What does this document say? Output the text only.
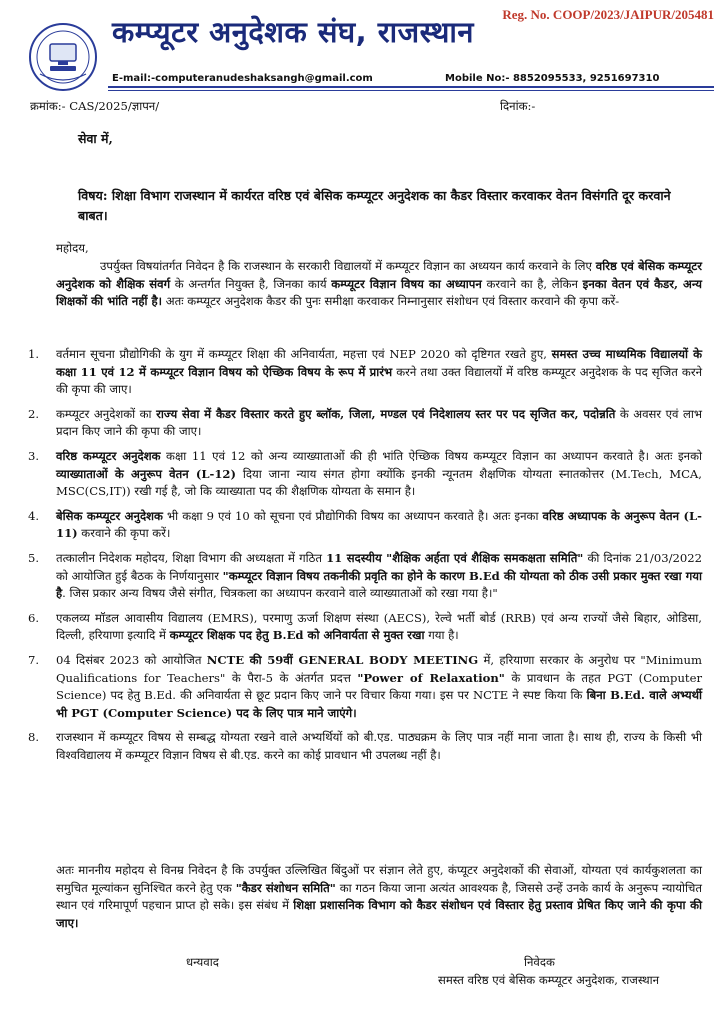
Reg. No. COOP/2023/JAIPUR/205481
कम्प्यूटर अनुदेशक संघ, राजस्थान
E-mail:-computeranudeshaksangh@gmail.com	Mobile No:- 8852095533, 9251697310
क्रमांक:- CAS/2025/ज्ञापन/	दिनांक:-
सेवा में,
विषय: शिक्षा विभाग राजस्थान में कार्यरत वरिष्ठ एवं बेसिक कम्प्यूटर अनुदेशक का कैडर विस्तार करवाकर वेतन विसंगति दूर करवाने बाबत।
महोदय,
उपर्युक्त विषयांतर्गत निवेदन है कि राजस्थान के सरकारी विद्यालयों में कम्प्यूटर विज्ञान का अध्ययन कार्य करवाने के लिए वरिष्ठ एवं बेसिक कम्प्यूटर अनुदेशक को शैक्षिक संवर्ग के अन्तर्गत नियुक्त है, जिनका कार्य कम्प्यूटर विज्ञान विषय का अध्यापन करवाने का है, लेकिन इनका वेतन एवं कैडर, अन्य शिक्षकों की भांति नहीं है। अतः कम्प्यूटर अनुदेशक कैडर की पुनः समीक्षा करवाकर निम्नानुसार संशोधन एवं विस्तार करवाने की कृपा करें-
1.	वर्तमान सूचना प्रौद्योगिकी के युग में कम्प्यूटर शिक्षा की अनिवार्यता, महत्ता एवं NEP 2020 को दृष्टिगत रखते हुए, समस्त उच्च माध्यमिक विद्यालयों के कक्षा 11 एवं 12 में कम्प्यूटर विज्ञान विषय को ऐच्छिक विषय के रूप में प्रारंभ करने तथा उक्त विद्यालयों में वरिष्ठ कम्प्यूटर अनुदेशक के पद सृजित करने की कृपा की जाए।
2.	कम्प्यूटर अनुदेशकों का राज्य सेवा में कैडर विस्तार करते हुए ब्लॉक, जिला, मण्डल एवं निदेशालय स्तर पर पद सृजित कर, पदोन्नति के अवसर एवं लाभ प्रदान किए जाने की कृपा की जाए।
3.	वरिष्ठ कम्प्यूटर अनुदेशक कक्षा 11 एवं 12 को अन्य व्याख्याताओं की ही भांति ऐच्छिक विषय कम्प्यूटर विज्ञान का अध्यापन करवाते है। अतः इनको व्याख्याताओं के अनुरूप वेतन (L-12) दिया जाना न्याय संगत होगा क्योंकि इनकी न्यूनतम शैक्षणिक योग्यता स्नातकोत्तर (M.Tech, MCA, MSC(CS,IT)) रखी गई है, जो कि व्याख्याता पद की शैक्षणिक योग्यता के समान है।
4.	बेसिक कम्प्यूटर अनुदेशक भी कक्षा 9 एवं 10 को सूचना एवं प्रौद्योगिकी विषय का अध्यापन करवाते है। अतः इनका वरिष्ठ अध्यापक के अनुरूप वेतन (L-11) करवाने की कृपा करें।
5.	तत्कालीन निदेशक महोदय, शिक्षा विभाग की अध्यक्षता में गठित 11 सदस्यीय "शैक्षिक अर्हता एवं शैक्षिक समकक्षता समिति" की दिनांक 21/03/2022 को आयोजित हुई बैठक के निर्णयानुसार "कम्प्यूटर विज्ञान विषय तकनीकी प्रवृति का होने के कारण B.Ed की योग्यता को ठीक उसी प्रकार मुक्त रखा गया है. जिस प्रकार अन्य विषय जैसे संगीत, चित्रकला का अध्यापन करवाने वाले व्याख्याताओं को रखा गया है।"
6.	एकलव्य मॉडल आवासीय विद्यालय (EMRS), परमाणु ऊर्जा शिक्षण संस्था (AECS), रेल्वे भर्ती बोर्ड (RRB) एवं अन्य राज्यों जैसे बिहार, ओडिसा, दिल्ली, हरियाणा इत्यादि में कम्प्यूटर शिक्षक पद हेतु B.Ed को अनिवार्यता से मुक्त रखा गया है।
7.	04 दिसंबर 2023 को आयोजित NCTE की 59वीं GENERAL BODY MEETING में, हरियाणा सरकार के अनुरोध पर "Minimum Qualifications for Teachers" के पैरा-5 के अंतर्गत प्रदत्त "Power of Relaxation" के प्रावधान के तहत PGT (Computer Science) पद हेतु B.Ed. की अनिवार्यता से छूट प्रदान किए जाने पर विचार किया गया। इस पर NCTE ने स्पष्ट किया कि बिना B.Ed. वाले अभ्यर्थी भी PGT (Computer Science) पद के लिए पात्र माने जाएंगे।
8.	राजस्थान में कम्प्यूटर विषय से सम्बद्ध योग्यता रखने वाले अभ्यर्थियों को बी.एड. पाठ्यक्रम के लिए पात्र नहीं माना जाता है। साथ ही, राज्य के किसी भी विश्वविद्यालय में कम्प्यूटर विज्ञान विषय से बी.एड. करने का कोई प्रावधान भी उपलब्ध नहीं है।
अतः माननीय महोदय से विनम्र निवेदन है कि उपर्युक्त उल्लिखित बिंदुओं पर संज्ञान लेते हुए, कंप्यूटर अनुदेशकों की सेवाओं, योग्यता एवं कार्यकुशलता का समुचित मूल्यांकन सुनिश्चित करने हेतु एक "कैडर संशोधन समिति" का गठन किया जाना अत्यंत आवश्यक है, जिससे उन्हें उनके कार्य के अनुरूप न्यायोचित स्थान एवं गरिमापूर्ण पहचान प्राप्त हो सके। इस संबंध में शिक्षा प्रशासनिक विभाग को कैडर संशोधन एवं विस्तार हेतु प्रस्ताव प्रेषित किए जाने की कृपा की जाए।
धन्यवाद	निवेदक
समस्त वरिष्ठ एवं बेसिक कम्प्यूटर अनुदेशक, राजस्थान
